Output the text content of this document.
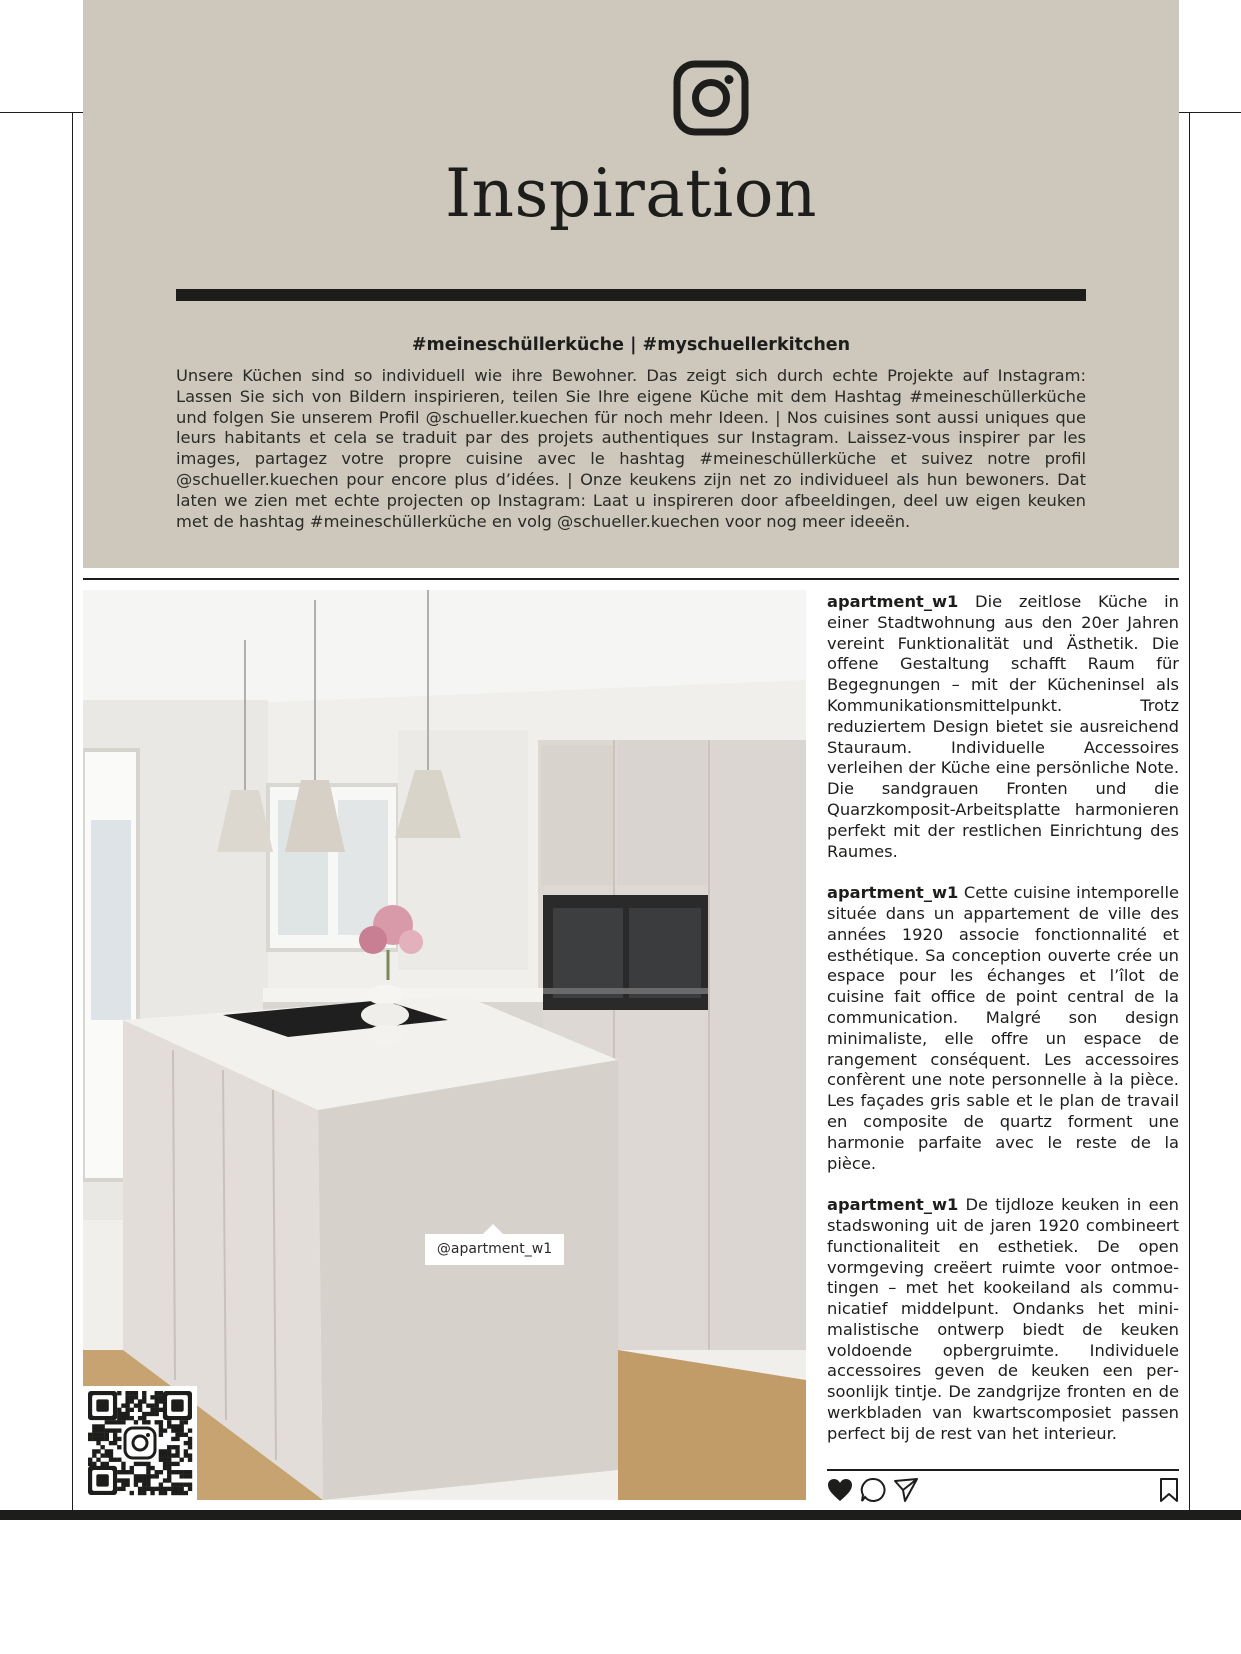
Inspiration
#meineschüllerküche | #myschuellerkitchen

Unsere Küchen sind so individuell wie ihre Bewohner. Das zeigt sich durch echte Projekte auf Instagram: Lassen Sie sich von Bildern inspirieren, teilen Sie Ihre eigene Küche mit dem Hashtag #meineschüllerküche und folgen Sie unserem Profil @schueller.kuechen für noch mehr Ideen. | Nos cuisines sont aussi uniques que leurs habitants et cela se traduit par des projets authentiques sur Instagram. Laissez-vous inspirer par les images, partagez votre propre cuisine avec le hashtag #meineschüllerküche et suivez notre profil @schueller.kuechen pour encore plus d’idées. | Onze keukens zijn net zo individueel als hun bewoners. Dat laten we zien met echte projecten op Instagram: Laat u inspireren door afbeeldingen, deel uw eigen keuken met de hashtag #meineschüllerküche en volg @schueller.kuechen voor nog meer ideeën.

@apartment_w1

apartment_w1 Die zeitlose Küche in einer Stadtwohnung aus den 20er Jahren vereint Funktionalität und Ästhetik. Die offene Gestaltung schafft Raum für Begegnungen – mit der Kücheninsel als Kommunikationsmittelpunkt. Trotz reduziertem Design bietet sie ausreichend Stauraum. Individuelle Accessoires verleihen der Küche eine persönliche Note. Die sandgrauen Fronten und die Quarzkomposit-Arbeitsplatte harmonieren perfekt mit der restlichen Einrichtung des Raumes.

apartment_w1 Cette cuisine intemporelle située dans un appartement de ville des années 1920 associe fonctionnalité et esthétique. Sa conception ouverte crée un espace pour les échanges et l’îlot de cuisine fait office de point central de la communication. Malgré son design minimaliste, elle offre un espace de rangement conséquent. Les accessoires confèrent une note personnelle à la pièce. Les façades gris sable et le plan de travail en composite de quartz forment une harmonie parfaite avec le reste de la pièce.

apartment_w1 De tijdloze keuken in een stadswoning uit de jaren 1920 combineert functionaliteit en esthetiek. De open vormgeving creëert ruimte voor ontmoetingen – met het kookeiland als communicatief middelpunt. Ondanks het minimalistische ontwerp biedt de keuken voldoende opbergruimte. Individuele accessoires geven de keuken een persoonlijk tintje. De zandgrijze fronten en de werkbladen van kwartscomposiet passen perfect bij de rest van het interieur.
